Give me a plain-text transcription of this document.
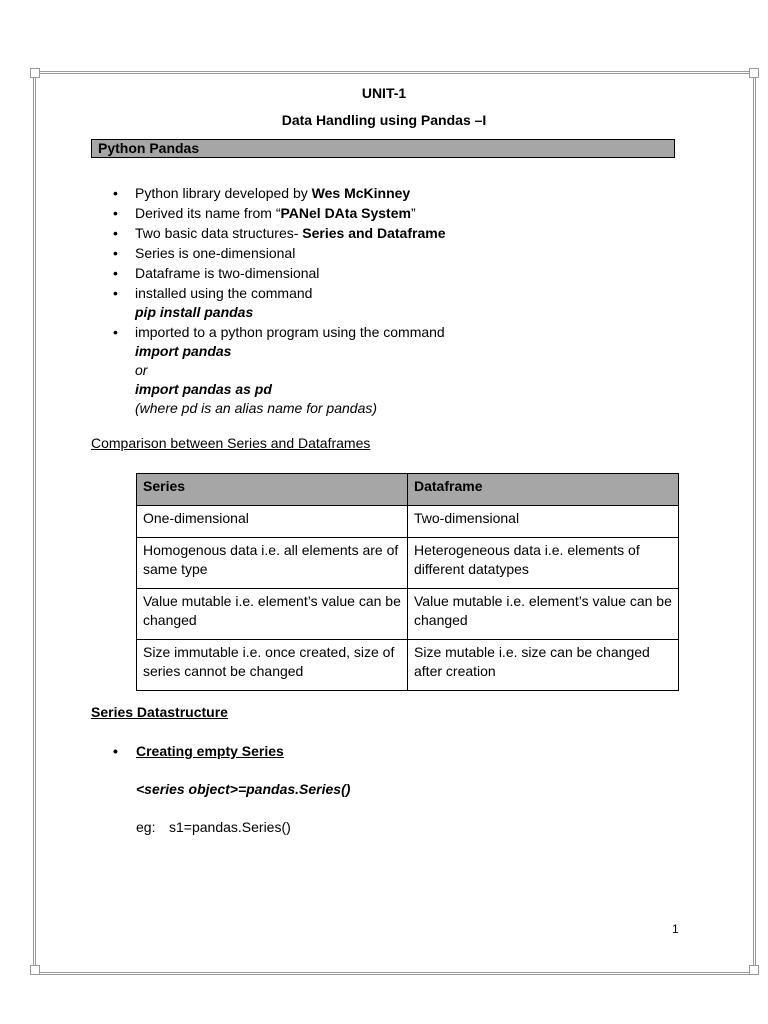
UNIT-1
Data Handling using Pandas –I
Python Pandas
• Python library developed by Wes McKinney
• Derived its name from “PANel DAta System”
• Two basic data structures- Series and Dataframe
• Series is one-dimensional
• Dataframe is two-dimensional
• installed using the command
pip install pandas
• imported to a python program using the command
import pandas
or
import pandas as pd
(where pd is an alias name for pandas)
Comparison between Series and Dataframes
Series	Dataframe
One-dimensional	Two-dimensional
Homogenous data i.e. all elements are of same type	Heterogeneous data i.e. elements of different datatypes
Value mutable i.e. element’s value can be changed	Value mutable i.e. element’s value can be changed
Size immutable i.e. once created, size of series cannot be changed	Size mutable i.e. size can be changed after creation
Series Datastructure
• Creating empty Series
<series object>=pandas.Series()
eg: s1=pandas.Series()
1
